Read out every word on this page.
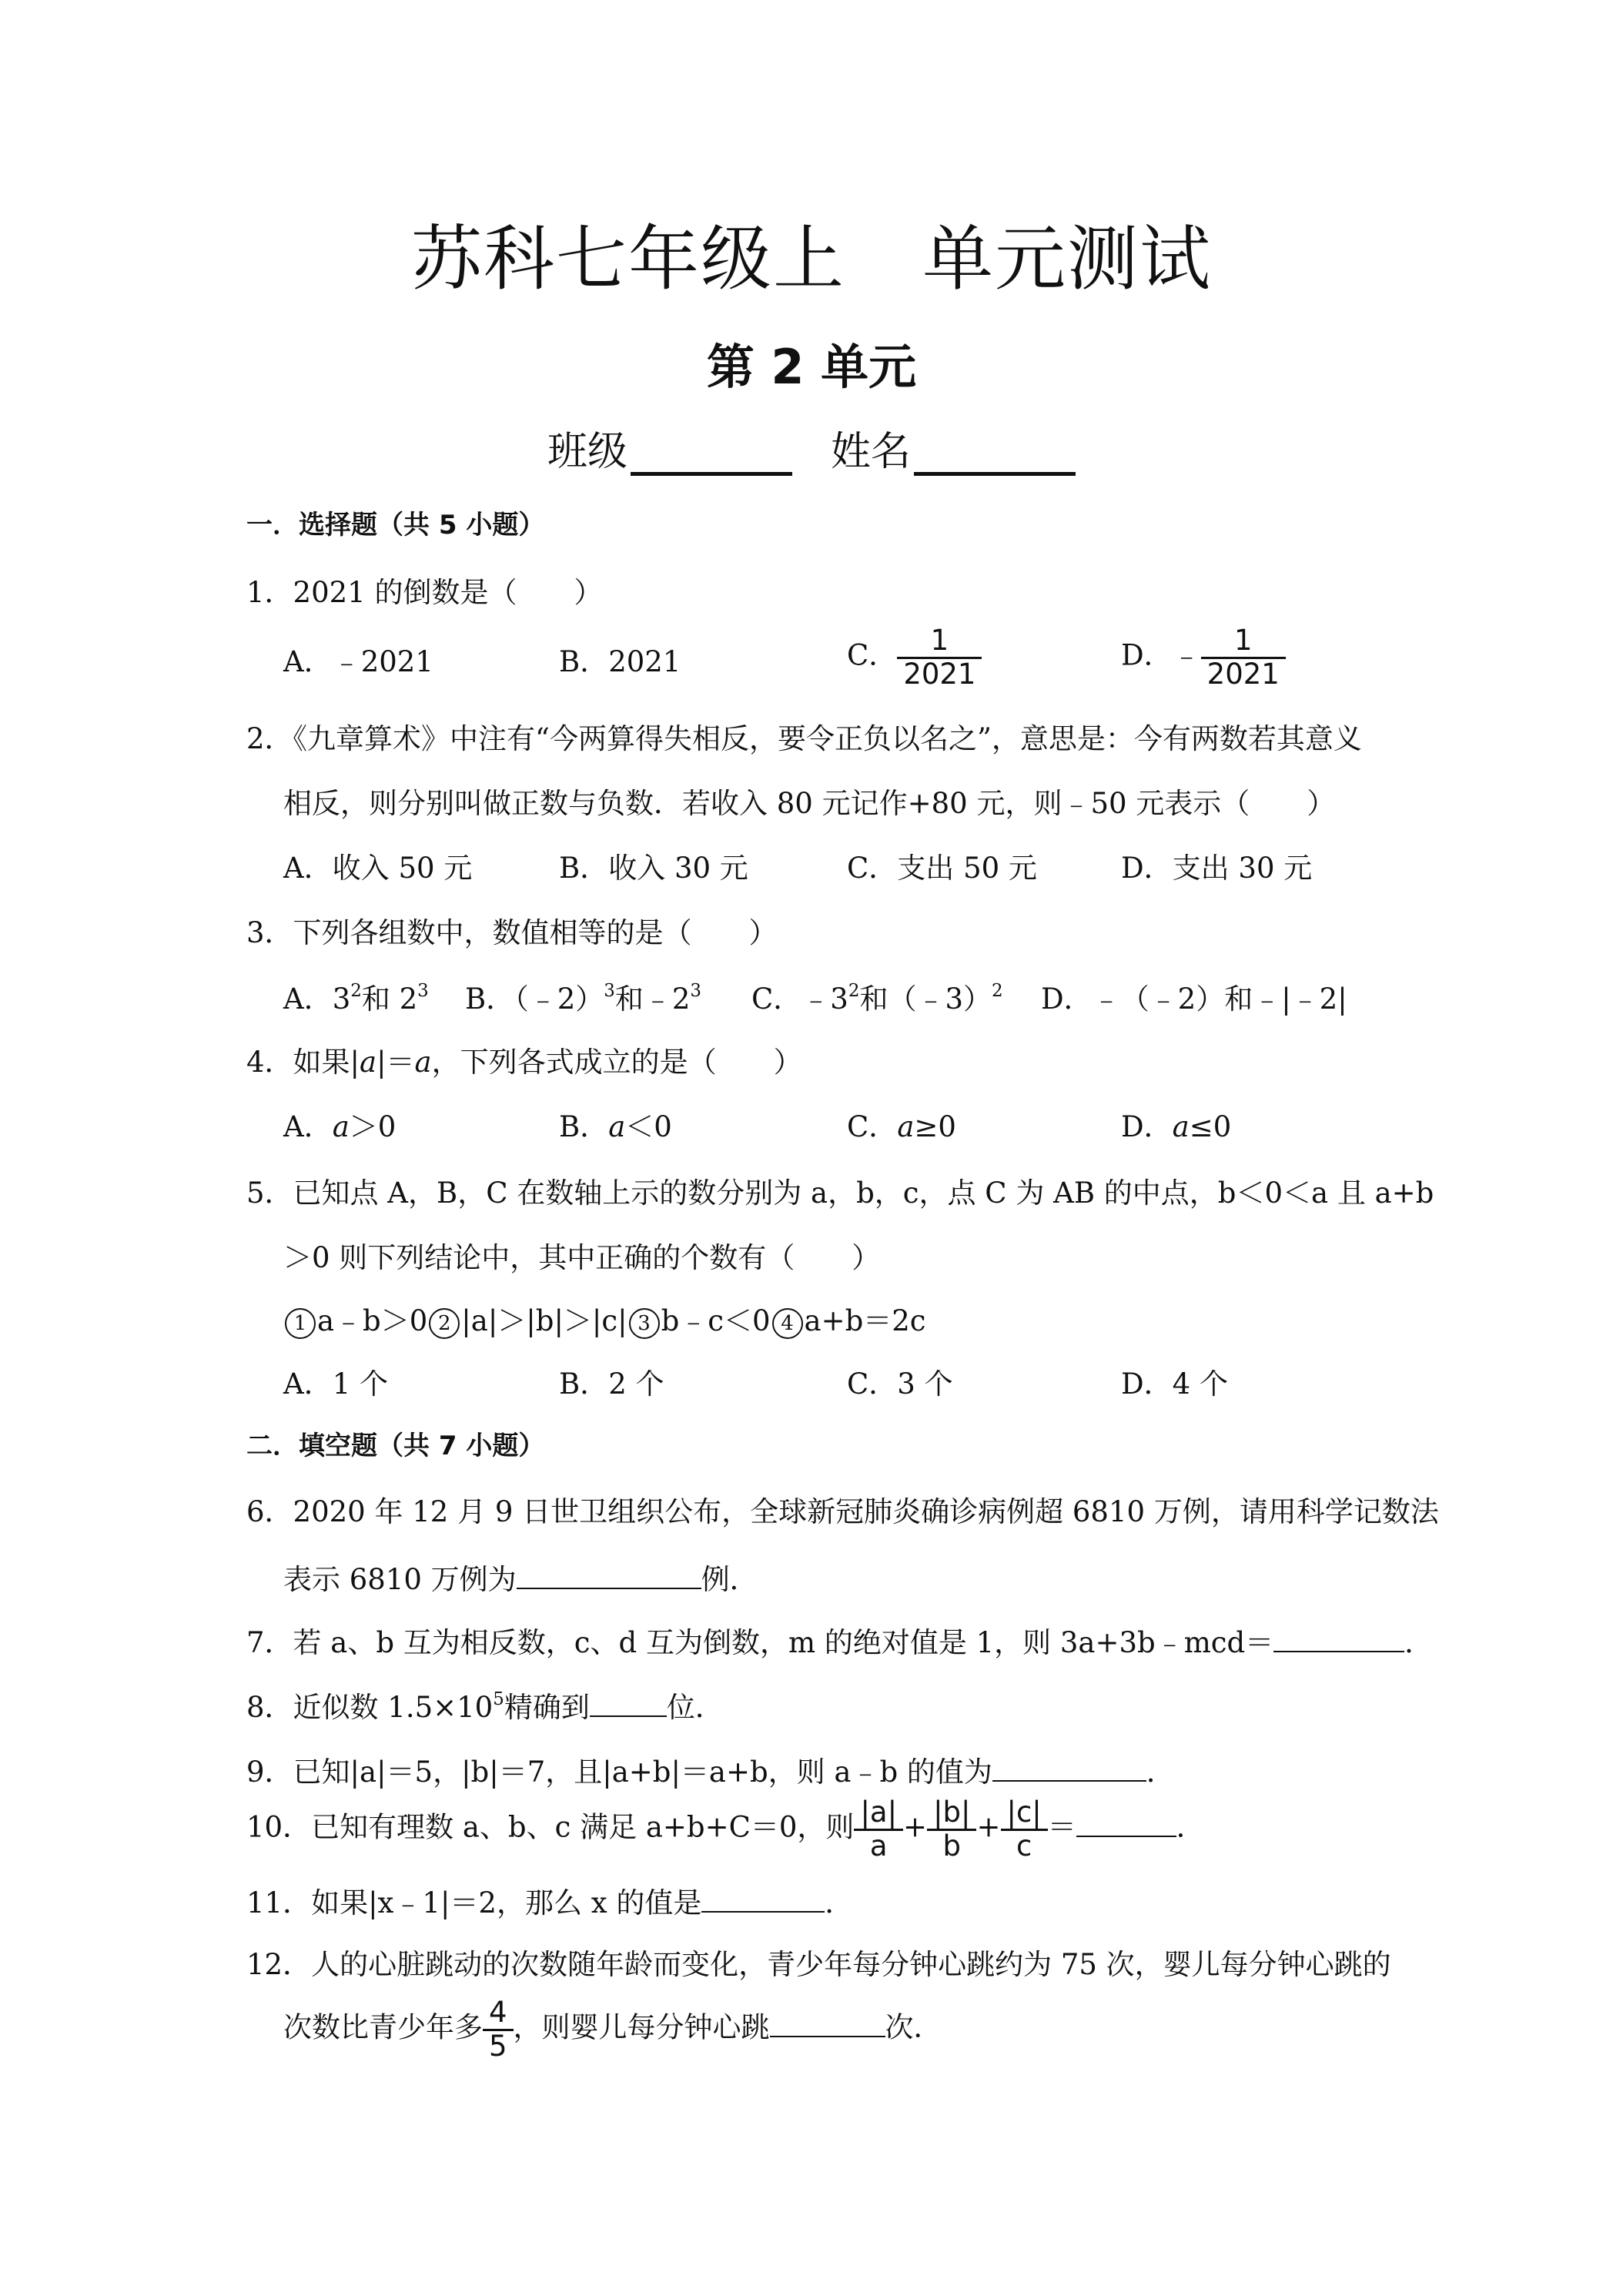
苏科七年级上 单元测试
第 2 单元
班级	姓名
一．选择题（共 5 小题）
1．2021 的倒数是（　　）
A．﹣2021	B．2021	C． $\frac{1}{2021}$	D．﹣ $\frac{1}{2021}$
2．《九章算术》中注有“今两算得失相反，要令正负以名之”，意思是：今有两数若其意义
相反，则分别叫做正数与负数．若收入 80 元记作+80 元，则﹣50 元表示（　　）
A．收入 50 元	B．收入 30 元	C．支出 50 元	D．支出 30 元
3．下列各组数中，数值相等的是（　　）
A．$3^2$和 $2^3$ B．（﹣2）$^3$和$﹣2^3$ C．$﹣3^2$和（﹣3）$^2$ D．﹣（﹣2）和﹣|﹣2|
4．如果|a|＝a，下列各式成立的是（　　）
A．a＞0	B．a＜0	C．a≥0	D．a≤0
5．已知点 A，B，C 在数轴上示的数分别为 a，b，c，点 C 为 AB 的中点，b＜0＜a 且 a+b
＞0 则下列结论中，其中正确的个数有（　　）
1 a﹣b＞0 2 |a|＞|b|＞|c| 3 b﹣c＜0 4 a+b＝2c
A．1 个	B．2 个	C．3 个	D．4 个
二．填空题（共 7 小题）
6．2020 年 12 月 9 日世卫组织公布，全球新冠肺炎确诊病例超 6810 万例，请用科学记数法
表示 6810 万例为	例．
7．若 a、b 互为相反数，c、d 互为倒数，m 的绝对值是 1，则 3a+3b﹣mcd＝	．
8．近似数 $1.5\times 10^5$精确到	位．
9．已知|a|＝5，|b|＝7，且|a+b|＝a+b，则 a﹣b 的值为	．
10．已知有理数 a、b、c 满足 a+b+C＝0，则 $\frac{|a|}{a} + \frac{|b|}{b} + \frac{|c|}{c}$ ＝	．
11．如果|x﹣1|＝2，那么 x 的值是	．
12．人的心脏跳动的次数随年龄而变化，青少年每分钟心跳约为 75 次，婴儿每分钟心跳的
次数比青少年多 $\frac{4}{5}$ ，则婴儿每分钟心跳	次．
